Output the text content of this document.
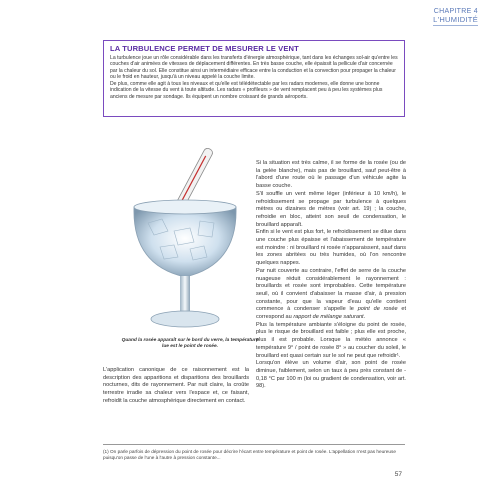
CHAPITRE 4
L'HUMIDITÉ
LA TURBULENCE PERMET DE MESURER LE VENT

La turbulence joue un rôle considérable dans les transferts d'énergie atmosphérique, tant dans les échanges sol-air qu'entre les couches d'air animées de vitesses de déplacement différentes. En très basse couche, elle épaissit la pellicule d'air concernée par la chaleur du sol. Elle constitue ainsi un intermédiaire efficace entre la conduction et la convection pour propager la chaleur ou le froid en hauteur, jusqu'à un niveau appelé la couche limite.

De plus, comme elle agit à tous les niveaux et qu'elle est télédétectable par les radars modernes, elle donne une bonne indication de la vitesse du vent à toute altitude. Les radars « profileurs » de vent remplacent peu à peu les systèmes plus anciens de mesure par sondage. Ils équipent un nombre croissant de grands aéroports.

Quand la rosée apparaît sur le bord du verre, la température lue est le point de rosée.

L'application canonique de ce raisonnement est la description des apparitions et disparitions des brouillards nocturnes, dits de rayonnement. Par nuit claire, la croûte terrestre irradie sa chaleur vers l'espace et, ce faisant, refroidit la couche atmosphérique directement en contact.

Si la situation est très calme, il se forme de la rosée (ou de la gelée blanche), mais pas de brouillard, sauf peut-être à l'abord d'une route où le passage d'un véhicule agite la basse couche.

S'il souffle un vent même léger (inférieur à 10 km/h), le refroidissement se propage par turbulence à quelques mètres ou dizaines de mètres (voir art. 19) ; la couche, refroidie en bloc, atteint son seuil de condensation, le brouillard apparaît.

Enfin si le vent est plus fort, le refroidissement se dilue dans une couche plus épaisse et l'abaissement de température est moindre : ni brouillard ni rosée n'apparaissent, sauf dans les zones abritées ou très humides, où l'on rencontre quelques nappes.

Par nuit couverte au contraire, l'effet de serre de la couche nuageuse réduit considérablement le rayonnement : brouillards et rosée sont improbables. Cette température seuil, où il convient d'abaisser la masse d'air, à pression constante, pour que la vapeur d'eau qu'elle contient commence à condenser s'appelle le point de rosée et correspond au rapport de mélange saturant.

Plus la température ambiante s'éloigne du point de rosée, plus le risque de brouillard est faible ; plus elle est proche, plus il est probable. Lorsque la météo annonce « température 9° / point de rosée 8° » au coucher du soleil, le brouillard est quasi certain sur le sol ne peut que refroidir¹.

Lorsqu'on élève un volume d'air, son point de rosée diminue, faiblement, selon un taux à peu près constant de - 0,18 °C par 100 m (loi ou gradient de condensation, voir art. 98).

(1) On parle parfois de dépression du point de rosée pour décrire l'écart entre température et point de rosée. L'appellation n'est pas heureuse puisqu'on passe de l'une à l'autre à pression constante...
57
